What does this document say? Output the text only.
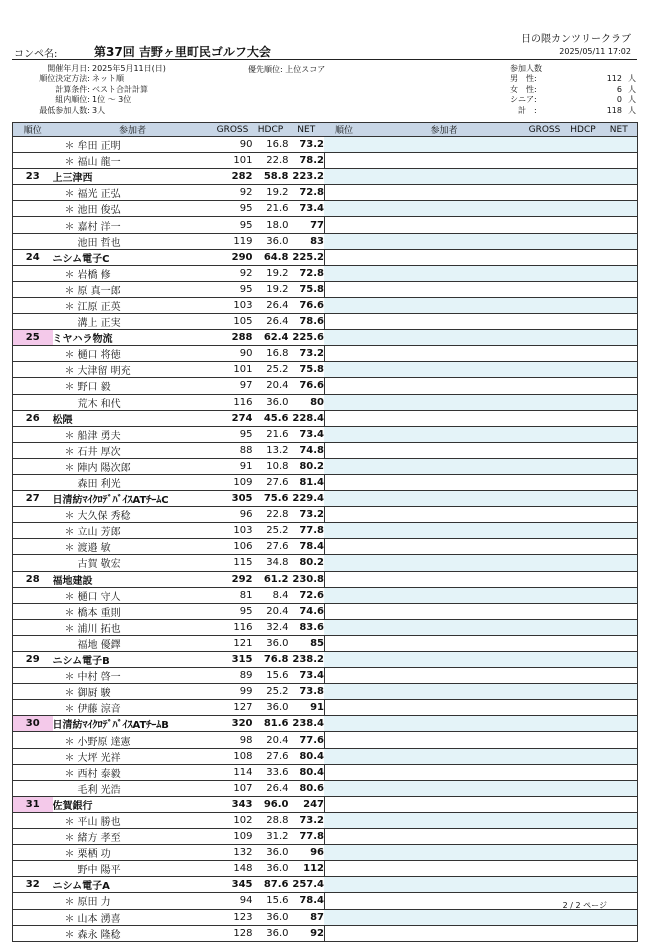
日の隈カンツリークラブ
コンペ名:	第37回 吉野ヶ里町民ゴルフ大会	2025/05/11 17:02
開催年月日: 2025年5月11日(日)
順位決定方法: ネット順
計算条件: ベスト合計計算
組内順位: 1位 ～ 3位
最低参加人数: 3人
優先順位: 上位スコア	参加人数
男　性:	112 人
女　性:	6 人
シニア:	0 人
　計　:	118 人
順位	参加者	GROSS	HDCP	NET
	＊ 牟田 正明	90	16.8	73.2
	＊ 福山 龍一	101	22.8	78.2
23	上三津西	282	58.8	223.2
	＊ 福光 正弘	92	19.2	72.8
	＊ 池田 俊弘	95	21.6	73.4
	＊ 嘉村 洋一	95	18.0	77
	池田 哲也	119	36.0	83
24	ニシム電子C	290	64.8	225.2
	＊ 岩橋 修	92	19.2	72.8
	＊ 原 真一郎	95	19.2	75.8
	＊ 江原 正英	103	26.4	76.6
	溝上 正実	105	26.4	78.6
25	ミヤハラ物流	288	62.4	225.6
	＊ 樋口 将徳	90	16.8	73.2
	＊ 大津留 明充	101	25.2	75.8
	＊ 野口 毅	97	20.4	76.6
	荒木 和代	116	36.0	80
26	松隈	274	45.6	228.4
	＊ 船津 勇夫	95	21.6	73.4
	＊ 石井 厚次	88	13.2	74.8
	＊ 陣内 陽次郎	91	10.8	80.2
	森田 利光	109	27.6	81.4
27	日清紡ﾏｲｸﾛﾃﾞﾊﾞｲｽATﾁｰﾑC	305	75.6	229.4
	＊ 大久保 秀稔	96	22.8	73.2
	＊ 立山 芳郎	103	25.2	77.8
	＊ 渡邉 敏	106	27.6	78.4
	古賀 敬宏	115	34.8	80.2
28	福地建設	292	61.2	230.8
	＊ 樋口 守人	81	8.4	72.6
	＊ 橋本 重則	95	20.4	74.6
	＊ 浦川 拓也	116	32.4	83.6
	福地 優鐸	121	36.0	85
29	ニシム電子B	315	76.8	238.2
	＊ 中村 啓一	89	15.6	73.4
	＊ 御厨 駿	99	25.2	73.8
	＊ 伊藤 涼音	127	36.0	91
30	日清紡ﾏｲｸﾛﾃﾞﾊﾞｲｽATﾁｰﾑB	320	81.6	238.4
	＊ 小野原 達憲	98	20.4	77.6
	＊ 大坪 光祥	108	27.6	80.4
	＊ 西村 泰毅	114	33.6	80.4
	毛利 光浩	107	26.4	80.6
31	佐賀銀行	343	96.0	247
	＊ 平山 勝也	102	28.8	73.2
	＊ 緒方 孝至	109	31.2	77.8
	＊ 栗栖 功	132	36.0	96
	野中 陽平	148	36.0	112
32	ニシム電子A	345	87.6	257.4
	＊ 原田 力	94	15.6	78.4
	＊ 山本 湧喜	123	36.0	87
	＊ 森永 隆稔	128	36.0	92
順位	参加者	GROSS	HDCP	NET

2 / 2 ページ
